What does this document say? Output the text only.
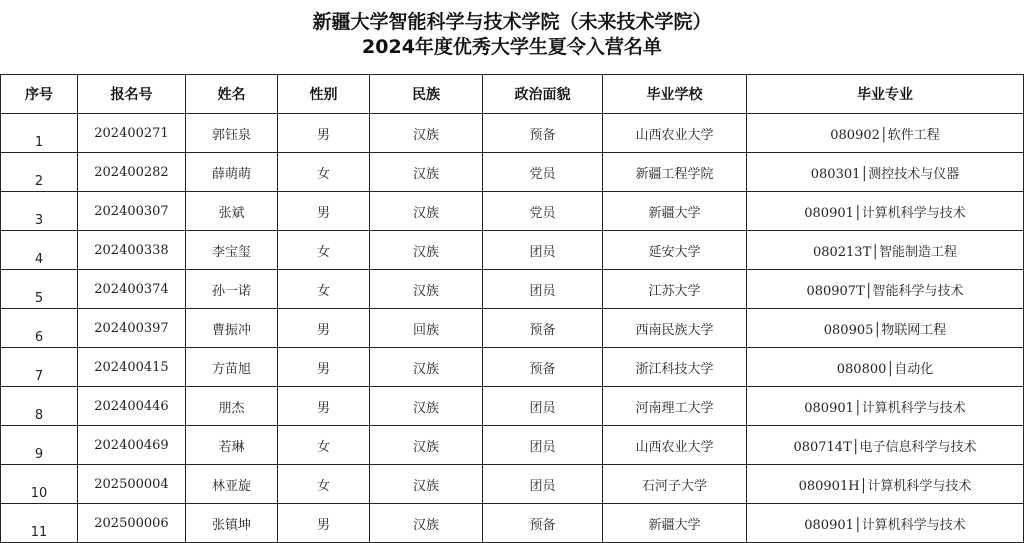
新疆大学智能科学与技术学院（未来技术学院）
2024年度优秀大学生夏令入营名单
序号	报名号	姓名	性别	民族	政治面貌	毕业学校	毕业专业
1	202400271	郭钰泉	男	汉族	预备	山西农业大学	080902│软件工程
2	202400282	薛萌萌	女	汉族	党员	新疆工程学院	080301│测控技术与仪器
3	202400307	张斌	男	汉族	党员	新疆大学	080901│计算机科学与技术
4	202400338	李宝玺	女	汉族	团员	延安大学	080213T│智能制造工程
5	202400374	孙一诺	女	汉族	团员	江苏大学	080907T│智能科学与技术
6	202400397	曹振冲	男	回族	预备	西南民族大学	080905│物联网工程
7	202400415	方苗旭	男	汉族	预备	浙江科技大学	080800│自动化
8	202400446	朋杰	男	汉族	团员	河南理工大学	080901│计算机科学与技术
9	202400469	若琳	女	汉族	团员	山西农业大学	080714T│电子信息科学与技术
10	202500004	林亚旋	女	汉族	团员	石河子大学	080901H│计算机科学与技术
11	202500006	张镇坤	男	汉族	预备	新疆大学	080901│计算机科学与技术
